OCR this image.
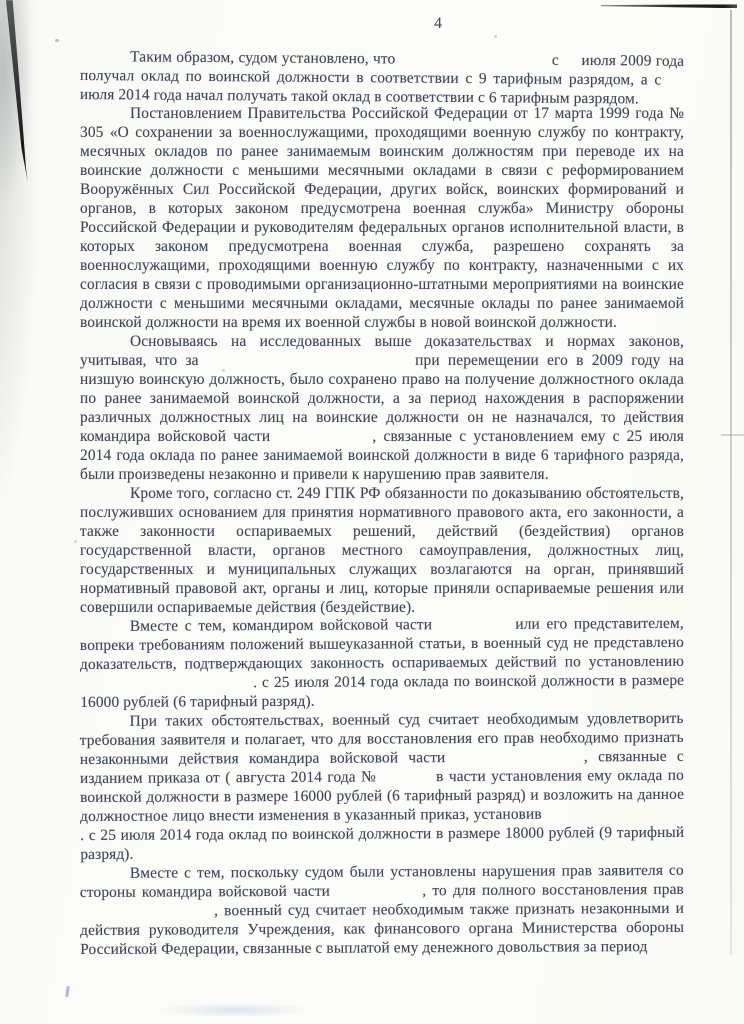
4

Таким образом, судом установлено, что	с  июля 2009 года получал оклад по воинской должности в соответствии с 9 тарифным разрядом, а с  июля 2014 года начал получать такой оклад в соответствии с 6 тарифным разрядом.

Постановлением Правительства Российской Федерации от 17 марта 1999 года № 305 «О сохранении за военнослужащими, проходящими военную службу по контракту, месячных окладов по ранее занимаемым воинским должностям при переводе их на воинские должности с меньшими месячными окладами в связи с реформированием Вооружённых Сил Российской Федерации, других войск, воинских формирований и органов, в которых законом предусмотрена военная служба» Министру обороны Российской Федерации и руководителям федеральных органов исполнительной власти, в которых законом предусмотрена военная служба, разрешено сохранять за военнослужащими, проходящими военную службу по контракту, назначенными с их согласия в связи с проводимыми организационно-штатными мероприятиями на воинские должности с меньшими месячными окладами, месячные оклады по ранее занимаемой воинской должности на время их военной службы в новой воинской должности.

Основываясь на исследованных выше доказательствах и нормах законов, учитывая, что за	при перемещении его в 2009 году на низшую воинскую должность, было сохранено право на получение должностного оклада по ранее занимаемой воинской должности, а за период нахождения в распоряжении различных должностных лиц на воинские должности он не назначался, то действия командира войсковой части	, связанные с установлением ему с 25 июля 2014 года оклада по ранее занимаемой воинской должности в виде 6 тарифного разряда, были произведены незаконно и привели к нарушению прав заявителя.

Кроме того, согласно ст. 249 ГПК РФ обязанности по доказыванию обстоятельств, послуживших основанием для принятия нормативного правового акта, его законности, а также законности оспариваемых решений, действий (бездействия) органов государственной власти, органов местного самоуправления, должностных лиц, государственных и муниципальных служащих возлагаются на орган, принявший нормативный правовой акт, органы и лиц, которые приняли оспариваемые решения или совершили оспариваемые действия (бездействие).

Вместе с тем, командиром войсковой части	или его представителем, вопреки требованиям положений вышеуказанной статьи, в военный суд не представлено доказательств, подтверждающих законность оспариваемых действий по установлению  . с 25 июля 2014 года оклада по воинской должности в размере 16000 рублей (6 тарифный разряд).

При таких обстоятельствах, военный суд считает необходимым удовлетворить требования заявителя и полагает, что для восстановления его прав необходимо признать незаконными действия командира войсковой части	, связанные с изданием приказа от ( августа 2014 года №	в части установления ему оклада по воинской должности в размере 16000 рублей (6 тарифный разряд) и возложить на данное должностное лицо внести изменения в указанный приказ, установив  . с 25 июля 2014 года оклад по воинской должности в размере 18000 рублей (9 тарифный разряд).

Вместе с тем, поскольку судом были установлены нарушения прав заявителя со стороны командира войсковой части	, то для полного восстановления прав  , военный суд считает необходимым также признать незаконными и действия руководителя Учреждения, как финансового органа Министерства обороны Российской Федерации, связанные с выплатой ему денежного довольствия за период
